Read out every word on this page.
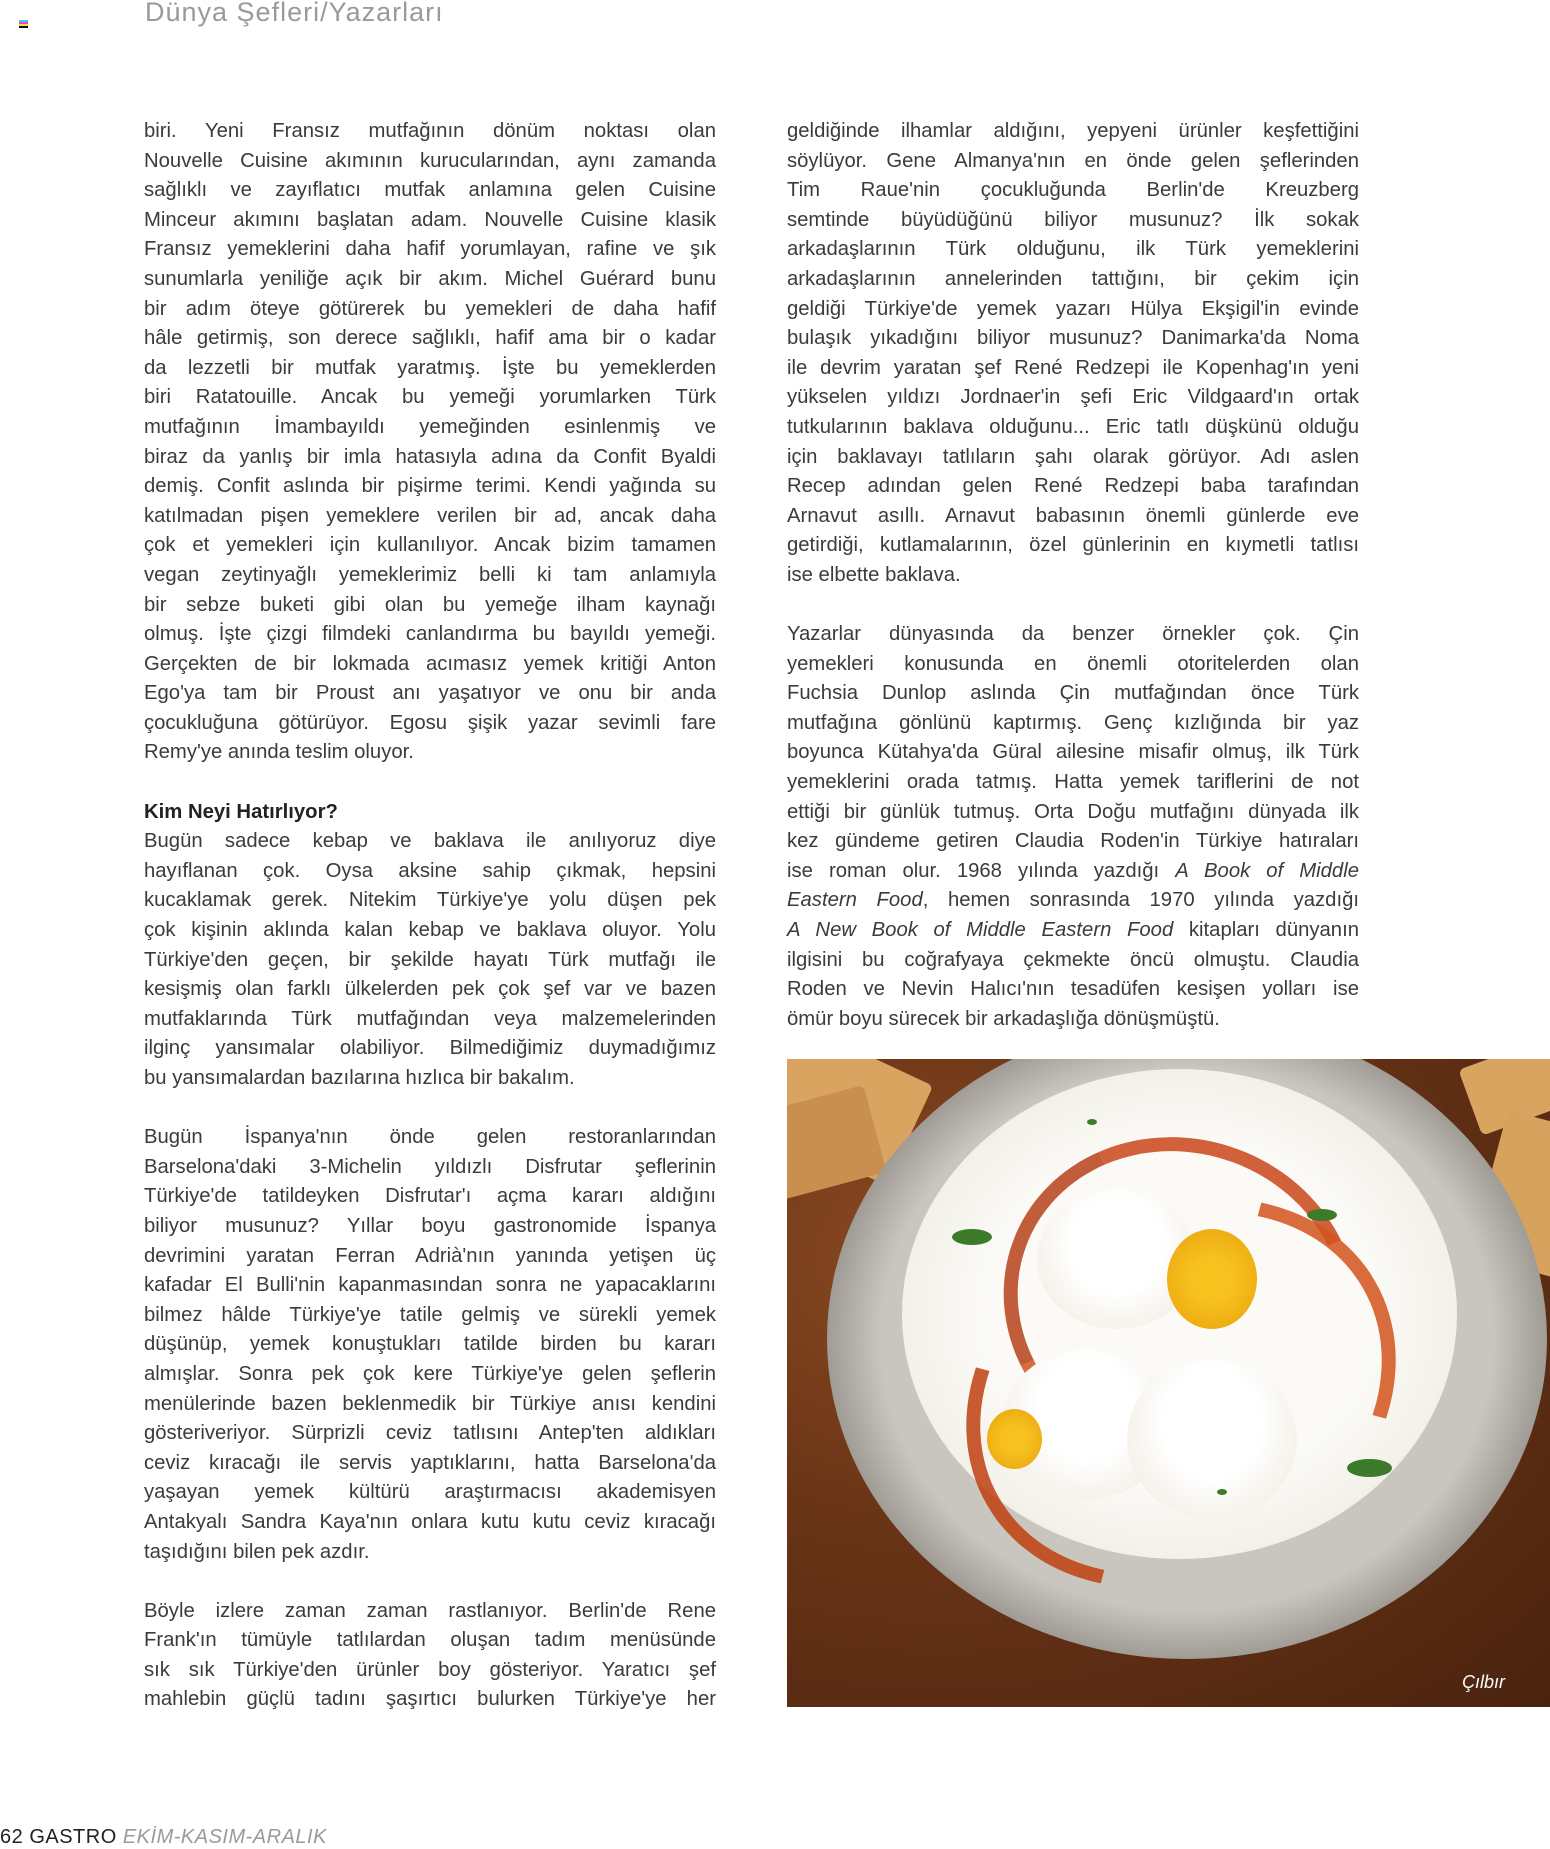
Dünya Şefleri/Yazarları
biri. Yeni Fransız mutfağının dönüm noktası olan
Nouvelle Cuisine akımının kurucularından, aynı zamanda
sağlıklı ve zayıflatıcı mutfak anlamına gelen Cuisine
Minceur akımını başlatan adam. Nouvelle Cuisine klasik
Fransız yemeklerini daha hafif yorumlayan, rafine ve şık
sunumlarla yeniliğe açık bir akım. Michel Guérard bunu
bir adım öteye götürerek bu yemekleri de daha hafif
hâle getirmiş, son derece sağlıklı, hafif ama bir o kadar
da lezzetli bir mutfak yaratmış. İşte bu yemeklerden
biri Ratatouille. Ancak bu yemeği yorumlarken Türk
mutfağının İmambayıldı yemeğinden esinlenmiş ve
biraz da yanlış bir imla hatasıyla adına da Confit Byaldi
demiş. Confit aslında bir pişirme terimi. Kendi yağında su
katılmadan pişen yemeklere verilen bir ad, ancak daha
çok et yemekleri için kullanılıyor. Ancak bizim tamamen
vegan zeytinyağlı yemeklerimiz belli ki tam anlamıyla
bir sebze buketi gibi olan bu yemeğe ilham kaynağı
olmuş. İşte çizgi filmdeki canlandırma bu bayıldı yemeği.
Gerçekten de bir lokmada acımasız yemek kritiği Anton
Ego'ya tam bir Proust anı yaşatıyor ve onu bir anda
çocukluğuna götürüyor. Egosu şişik yazar sevimli fare
Remy'ye anında teslim oluyor.
Kim Neyi Hatırlıyor?
Bugün sadece kebap ve baklava ile anılıyoruz diye
hayıflanan çok. Oysa aksine sahip çıkmak, hepsini
kucaklamak gerek. Nitekim Türkiye'ye yolu düşen pek
çok kişinin aklında kalan kebap ve baklava oluyor. Yolu
Türkiye'den geçen, bir şekilde hayatı Türk mutfağı ile
kesişmiş olan farklı ülkelerden pek çok şef var ve bazen
mutfaklarında Türk mutfağından veya malzemelerinden
ilginç yansımalar olabiliyor. Bilmediğimiz duymadığımız
bu yansımalardan bazılarına hızlıca bir bakalım.
Bugün İspanya'nın önde gelen restoranlarından
Barselona'daki 3-Michelin yıldızlı Disfrutar şeflerinin
Türkiye'de tatildeyken Disfrutar'ı açma kararı aldığını
biliyor musunuz? Yıllar boyu gastronomide İspanya
devrimini yaratan Ferran Adrià'nın yanında yetişen üç
kafadar El Bulli'nin kapanmasından sonra ne yapacaklarını
bilmez hâlde Türkiye'ye tatile gelmiş ve sürekli yemek
düşünüp, yemek konuştukları tatilde birden bu kararı
almışlar. Sonra pek çok kere Türkiye'ye gelen şeflerin
menülerinde bazen beklenmedik bir Türkiye anısı kendini
gösteriveriyor. Sürprizli ceviz tatlısını Antep'ten aldıkları
ceviz kıracağı ile servis yaptıklarını, hatta Barselona'da
yaşayan yemek kültürü araştırmacısı akademisyen
Antakyalı Sandra Kaya'nın onlara kutu kutu ceviz kıracağı
taşıdığını bilen pek azdır.
Böyle izlere zaman zaman rastlanıyor. Berlin'de Rene
Frank'ın tümüyle tatlılardan oluşan tadım menüsünde
sık sık Türkiye'den ürünler boy gösteriyor. Yaratıcı şef
mahlebin güçlü tadını şaşırtıcı bulurken Türkiye'ye her
geldiğinde ilhamlar aldığını, yepyeni ürünler keşfettiğini
söylüyor. Gene Almanya'nın en önde gelen şeflerinden
Tim Raue'nin çocukluğunda Berlin'de Kreuzberg
semtinde büyüdüğünü biliyor musunuz? İlk sokak
arkadaşlarının Türk olduğunu, ilk Türk yemeklerini
arkadaşlarının annelerinden tattığını, bir çekim için
geldiği Türkiye'de yemek yazarı Hülya Ekşigil'in evinde
bulaşık yıkadığını biliyor musunuz? Danimarka'da Noma
ile devrim yaratan şef René Redzepi ile Kopenhag'ın yeni
yükselen yıldızı Jordnaer'in şefi Eric Vildgaard'ın ortak
tutkularının baklava olduğunu... Eric tatlı düşkünü olduğu
için baklavayı tatlıların şahı olarak görüyor. Adı aslen
Recep adından gelen René Redzepi baba tarafından
Arnavut asıllı. Arnavut babasının önemli günlerde eve
getirdiği, kutlamalarının, özel günlerinin en kıymetli tatlısı
ise elbette baklava.
Yazarlar dünyasında da benzer örnekler çok. Çin
yemekleri konusunda en önemli otoritelerden olan
Fuchsia Dunlop aslında Çin mutfağından önce Türk
mutfağına gönlünü kaptırmış. Genç kızlığında bir yaz
boyunca Kütahya'da Güral ailesine misafir olmuş, ilk Türk
yemeklerini orada tatmış. Hatta yemek tariflerini de not
ettiği bir günlük tutmuş. Orta Doğu mutfağını dünyada ilk
kez gündeme getiren Claudia Roden'in Türkiye hatıraları
ise roman olur. 1968 yılında yazdığı A Book of Middle
Eastern Food, hemen sonrasında 1970 yılında yazdığı
A New Book of Middle Eastern Food kitapları dünyanın
ilgisini bu coğrafyaya çekmekte öncü olmuştu. Claudia
Roden ve Nevin Halıcı'nın tesadüfen kesişen yolları ise
ömür boyu sürecek bir arkadaşlığa dönüşmüştü.
Çılbır
62 GASTRO EKİM-KASIM-ARALIK
